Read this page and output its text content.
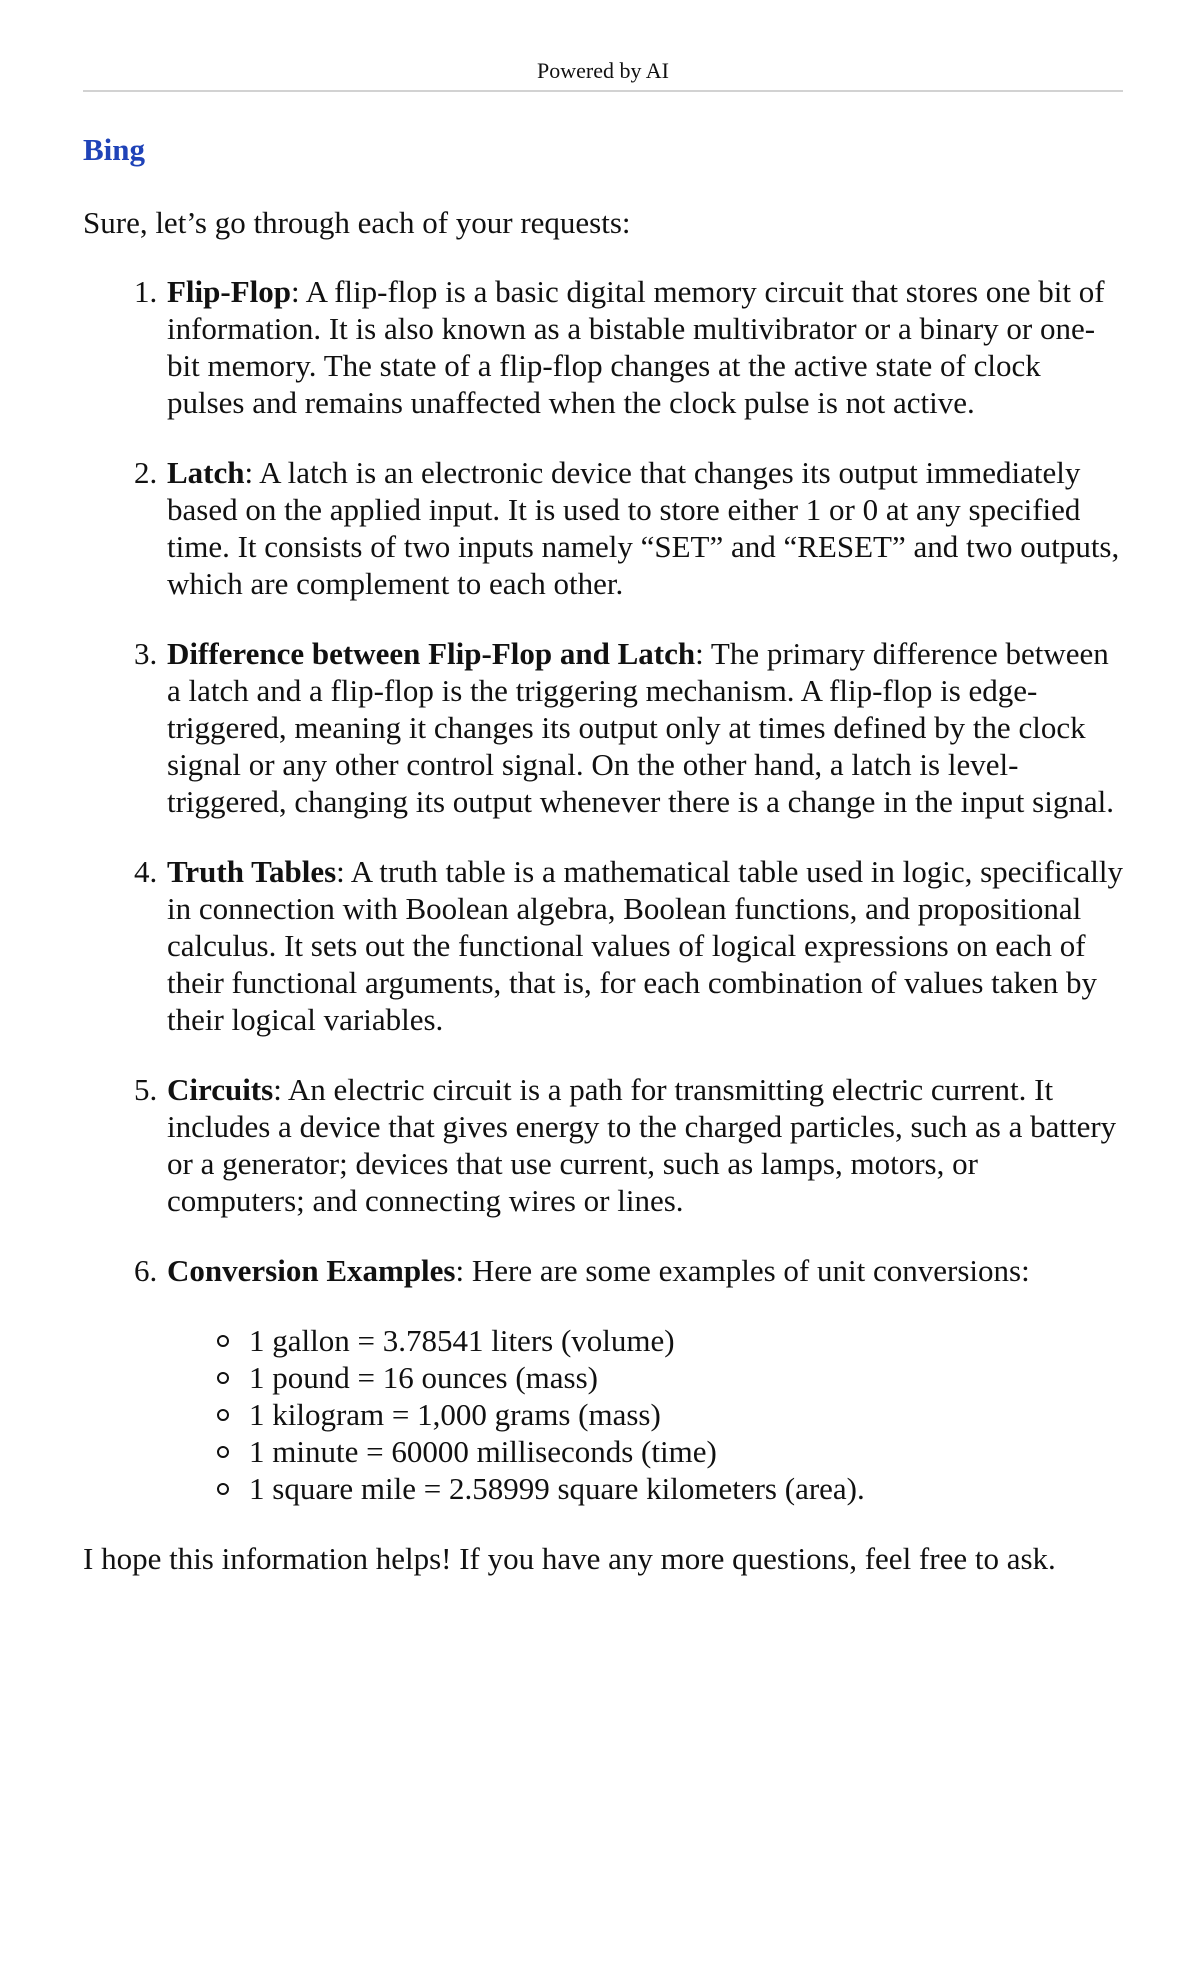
Powered by AI
Bing
Sure, let’s go through each of your requests:
1. Flip-Flop: A flip-flop is a basic digital memory circuit that stores one bit of information. It is also known as a bistable multivibrator or a binary or one-bit memory. The state of a flip-flop changes at the active state of clock pulses and remains unaffected when the clock pulse is not active.
2. Latch: A latch is an electronic device that changes its output immediately based on the applied input. It is used to store either 1 or 0 at any specified time. It consists of two inputs namely “SET” and “RESET” and two outputs, which are complement to each other.
3. Difference between Flip-Flop and Latch: The primary difference between a latch and a flip-flop is the triggering mechanism. A flip-flop is edge-triggered, meaning it changes its output only at times defined by the clock signal or any other control signal. On the other hand, a latch is level-triggered, changing its output whenever there is a change in the input signal.
4. Truth Tables: A truth table is a mathematical table used in logic, specifically in connection with Boolean algebra, Boolean functions, and propositional calculus. It sets out the functional values of logical expressions on each of their functional arguments, that is, for each combination of values taken by their logical variables.
5. Circuits: An electric circuit is a path for transmitting electric current. It includes a device that gives energy to the charged particles, such as a battery or a generator; devices that use current, such as lamps, motors, or computers; and connecting wires or lines.
6. Conversion Examples: Here are some examples of unit conversions:
1 gallon = 3.78541 liters (volume)
1 pound = 16 ounces (mass)
1 kilogram = 1,000 grams (mass)
1 minute = 60000 milliseconds (time)
1 square mile = 2.58999 square kilometers (area).
I hope this information helps! If you have any more questions, feel free to ask.
